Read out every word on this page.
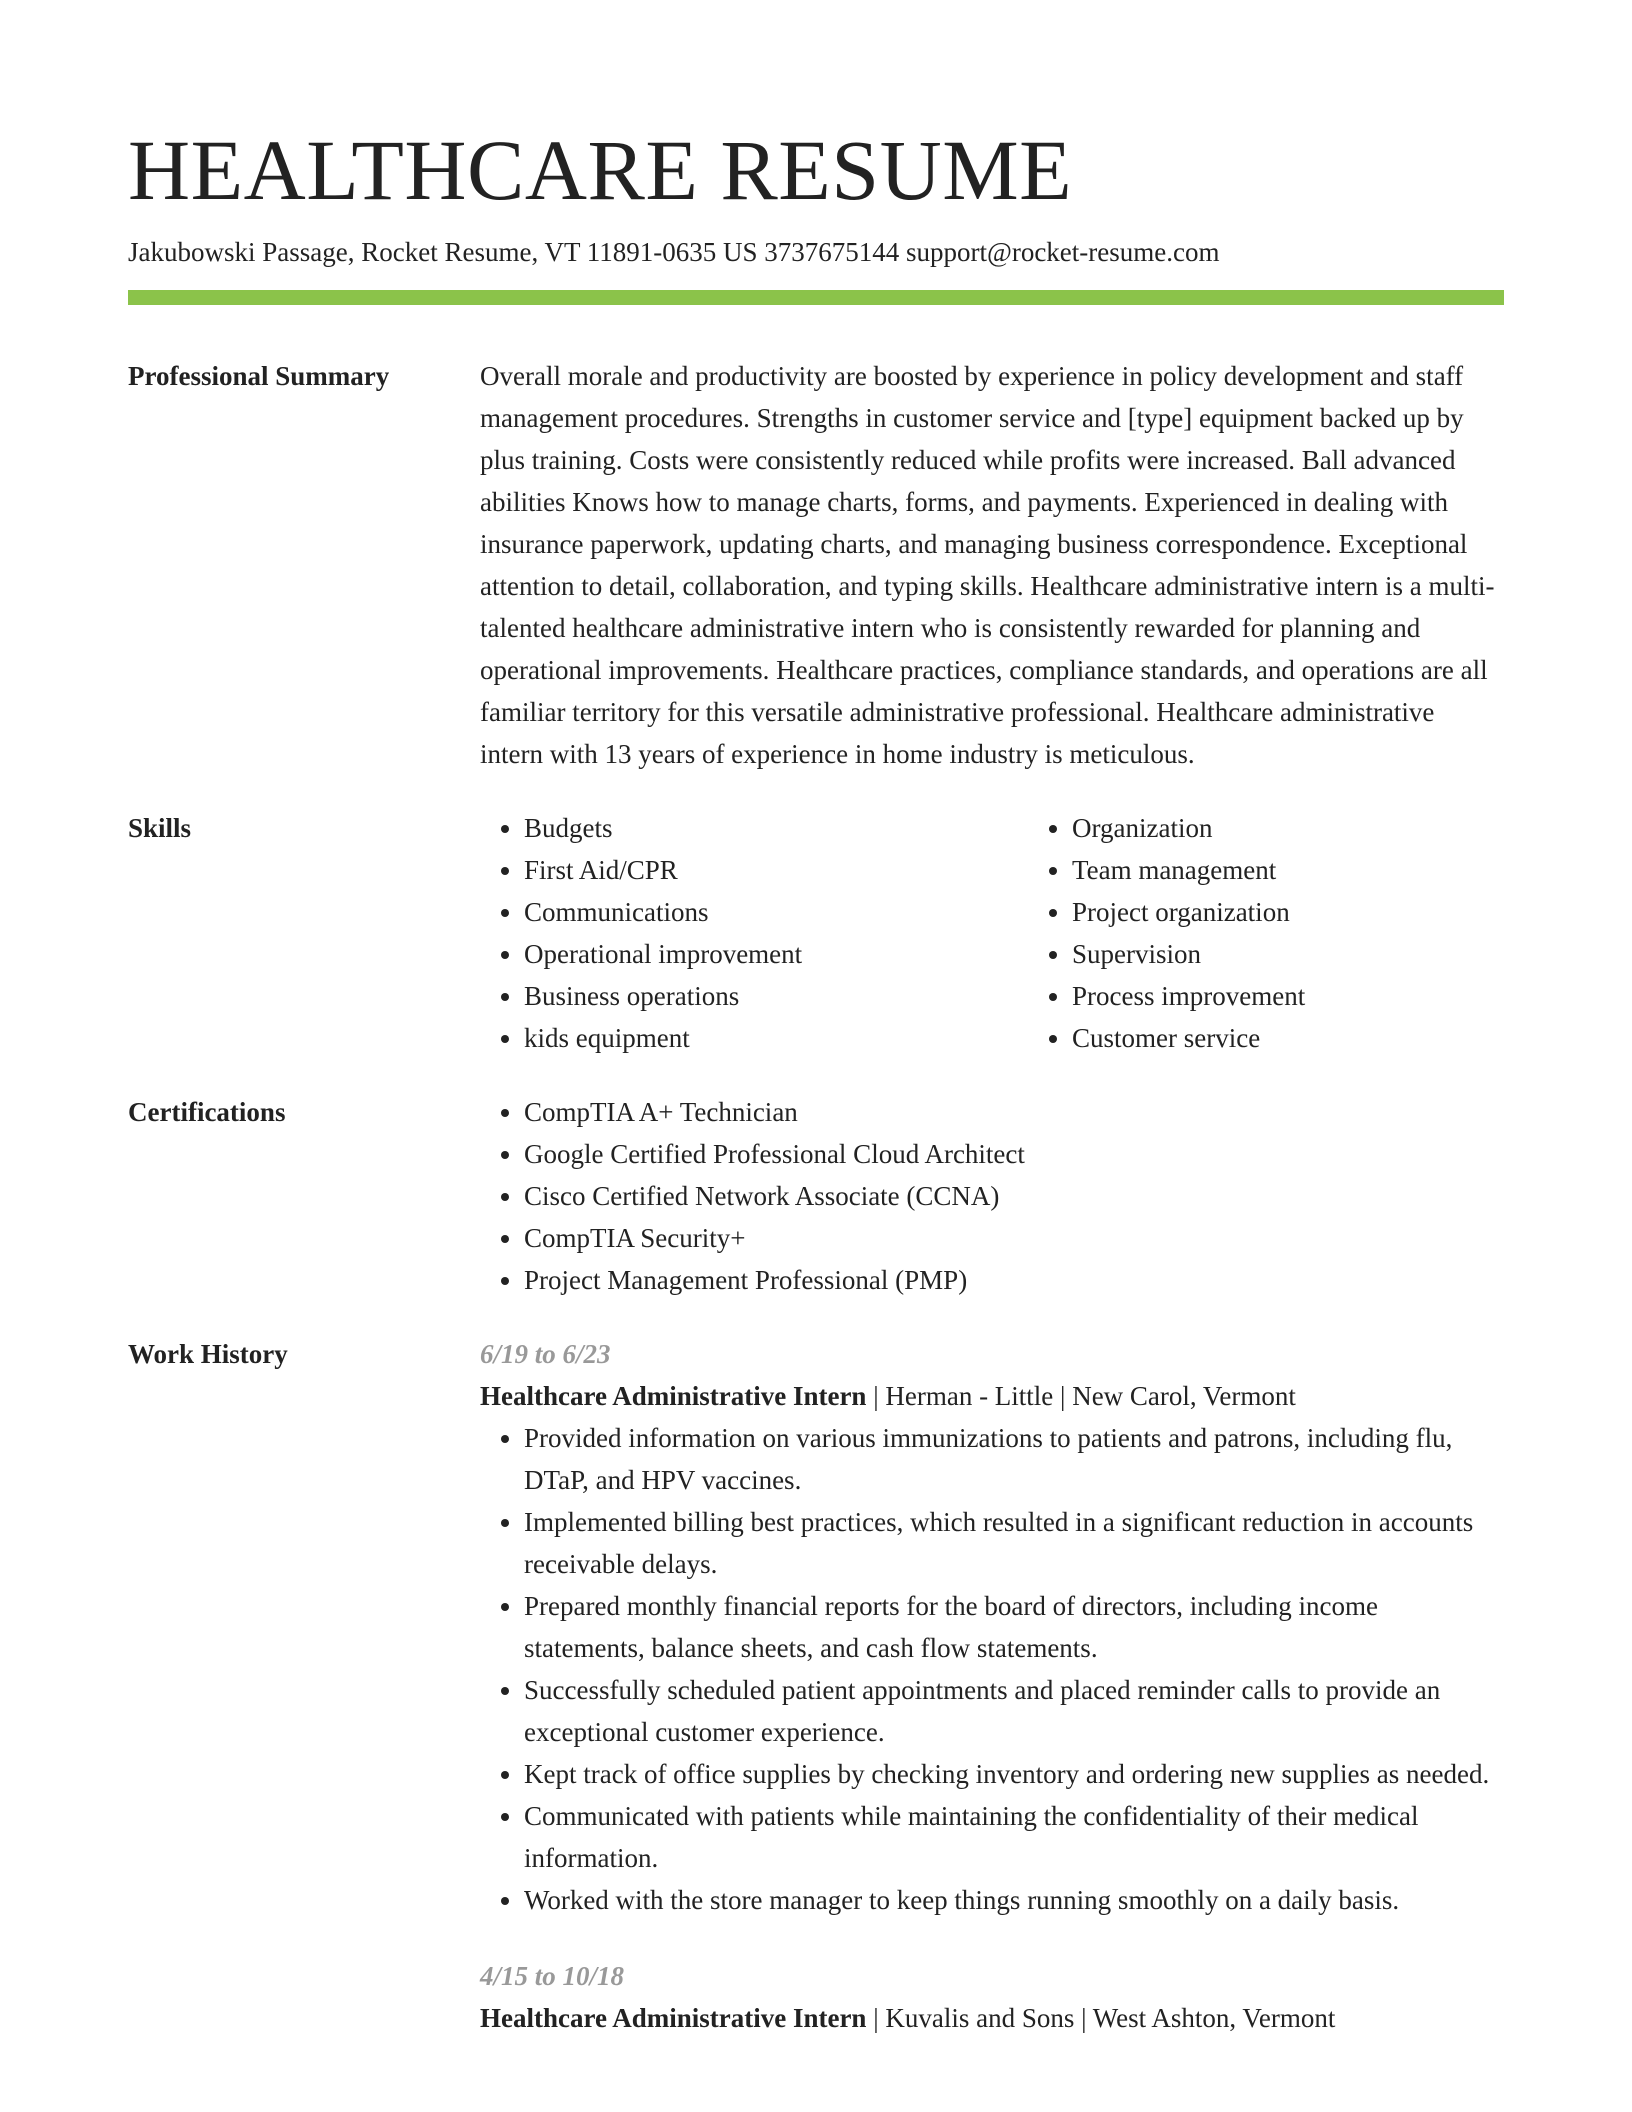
HEALTHCARE RESUME
Jakubowski Passage, Rocket Resume, VT 11891-0635 US 3737675144 support@rocket-resume.com
Professional Summary	Overall morale and productivity are boosted by experience in policy development and staff management procedures. Strengths in customer service and [type] equipment backed up by plus training. Costs were consistently reduced while profits were increased. Ball advanced abilities Knows how to manage charts, forms, and payments. Experienced in dealing with insurance paperwork, updating charts, and managing business correspondence. Exceptional attention to detail, collaboration, and typing skills. Healthcare administrative intern is a multi-talented healthcare administrative intern who is consistently rewarded for planning and operational improvements. Healthcare practices, compliance standards, and operations are all familiar territory for this versatile administrative professional. Healthcare administrative intern with 13 years of experience in home industry is meticulous.

Skills	• Budgets
• First Aid/CPR
• Communications
• Operational improvement
• Business operations
• kids equipment
• Organization
• Team management
• Project organization
• Supervision
• Process improvement
• Customer service
Certifications	• CompTIA A+ Technician
• Google Certified Professional Cloud Architect
• Cisco Certified Network Associate (CCNA)
• CompTIA Security+
• Project Management Professional (PMP)
Work History	6/19 to 6/23
Healthcare Administrative Intern | Herman - Little | New Carol, Vermont
• Provided information on various immunizations to patients and patrons, including flu, DTaP, and HPV vaccines.
• Implemented billing best practices, which resulted in a significant reduction in accounts receivable delays.
• Prepared monthly financial reports for the board of directors, including income statements, balance sheets, and cash flow statements.
• Successfully scheduled patient appointments and placed reminder calls to provide an exceptional customer experience.
• Kept track of office supplies by checking inventory and ordering new supplies as needed.
• Communicated with patients while maintaining the confidentiality of their medical information.
• Worked with the store manager to keep things running smoothly on a daily basis.
4/15 to 10/18
Healthcare Administrative Intern | Kuvalis and Sons | West Ashton, Vermont
